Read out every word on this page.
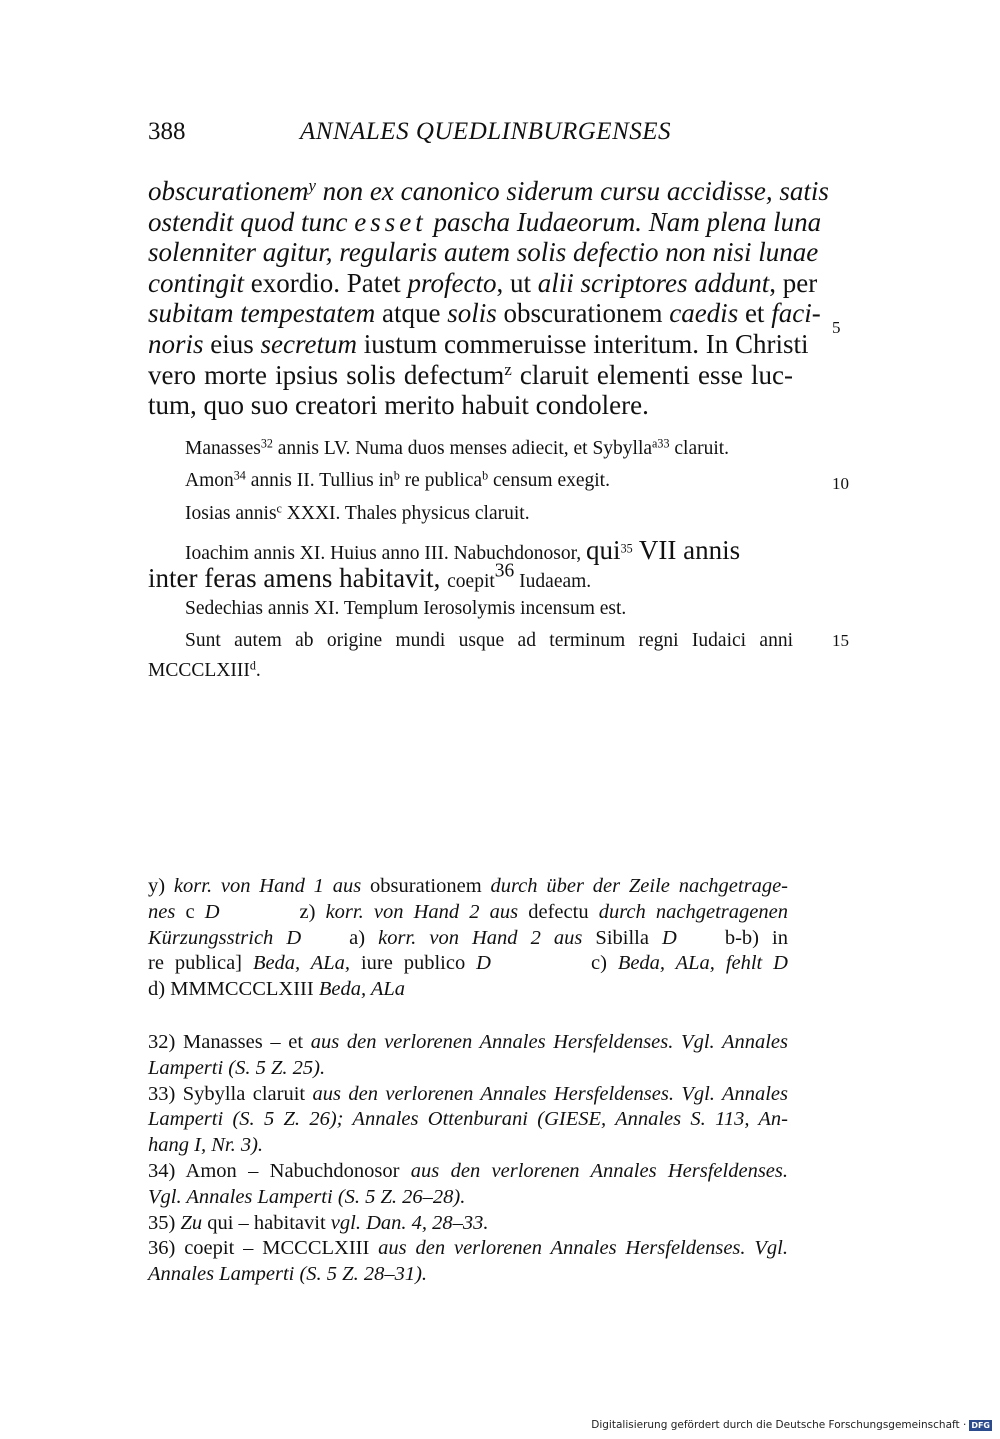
388	ANNALES QUEDLINBURGENSES
obscurationem$^y$ non ex canonico siderum cursu accidisse, satis
ostendit quod tunc esset pascha Iudaeorum. Nam plena luna
solenniter agitur, regularis autem solis defectio non nisi lunae
contingit exordio. Patet profecto, ut alii scriptores addunt, per
subitam tempestatem atque solis obscurationem caedis et faci-
noris eius secretum iustum commeruisse interitum. In Christi
vero morte ipsius solis defectum$^z$ claruit elementi esse luc-
tum, quo suo creatori merito habuit condolere.
5
10
15
Manasses$^{32}$ annis LV. Numa duos menses adiecit, et Sybylla$^{a33}$ claruit.
Amon$^{34}$ annis II. Tullius $in^b$ re publica$^b$ censum exegit.
Iosias annis$^c$ XXXI. Thales physicus claruit.
Ioachim annis XI. Huius anno III. Nabuchdonosor, qui$^{35}$ VII annis
inter feras amens habitavit, coepit36 Iudaeam.
Sedechias annis XI. Templum Ierosolymis incensum est.
Sunt autem ab origine mundi usque ad terminum regni Iudaici anni
MCCCLXIII$^d$.
y) korr. von Hand 1 aus obsurationem durch über der Zeile nachgetrage-
nes c D	z) korr. von Hand 2 aus defectu durch nachgetragenen
Kürzungsstrich D a) korr. von Hand 2 aus Sibilla D b-b) in
re publica] Beda, ALa, iure publico D	c) Beda, ALa, fehlt D
d) MMMCCCLXIII Beda, ALa
32) Manasses – et aus den verlorenen Annales Hersfeldenses. Vgl. Annales
Lamperti (S. 5 Z. 25).
33) Sybylla claruit aus den verlorenen Annales Hersfeldenses. Vgl. Annales
Lamperti (S. 5 Z. 26); Annales Ottenburani (GIESE, Annales S. 113, An-
hang I, Nr. 3).
34) Amon – Nabuchdonosor aus den verlorenen Annales Hersfeldenses.
Vgl. Annales Lamperti (S. 5 Z. 26–28).
35) Zu qui – habitavit vgl. Dan. 4, 28–33.
36) coepit – MCCCLXIII aus den verlorenen Annales Hersfeldenses. Vgl.
Annales Lamperti (S. 5 Z. 28–31).
Digitalisierung gefördert durch die Deutsche Forschungsgemeinschaft · DFG
